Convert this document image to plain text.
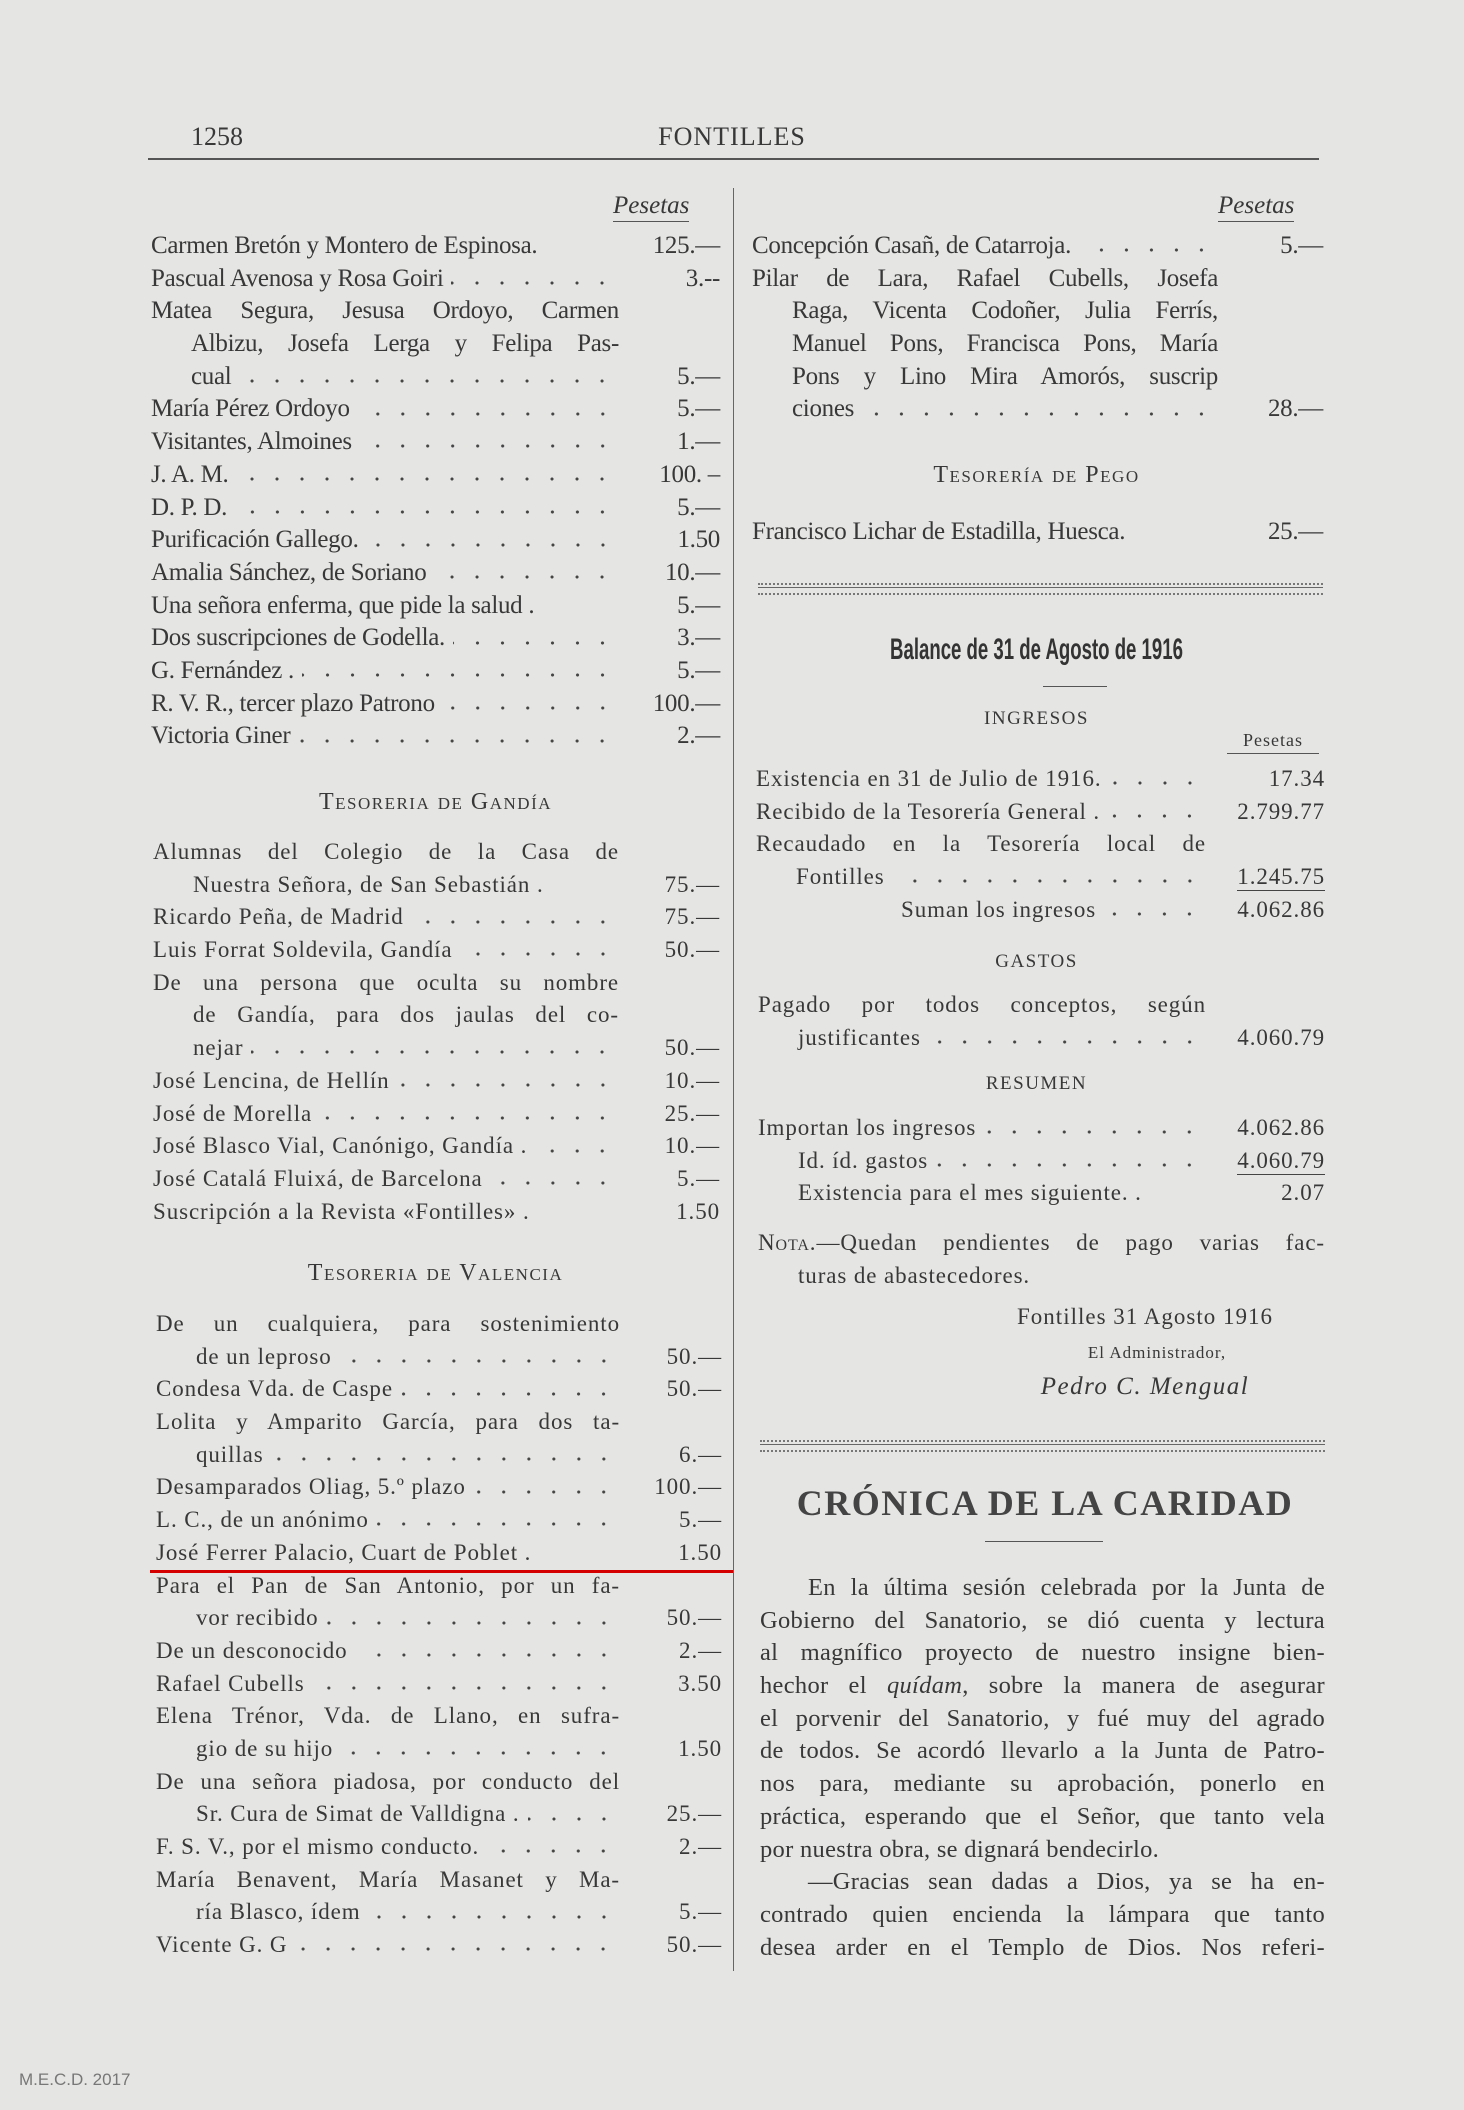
1258	FONTILLES
Pesetas
Carmen Bretón y Montero de Espinosa.	125.—
Pascual Avenosa y Rosa Goiri	3.--
Matea Segura, Jesusa Ordoyo, Carmen
Albizu, Josefa Lerga y Felipa Pas-
cual	5.—
María Pérez Ordoyo	5.—
Visitantes, Almoines	1.—
J. A. M.	100. –
D. P. D.	5.—
Purificación Gallego.	1.50
Amalia Sánchez, de Soriano	10.—
Una señora enferma, que pide la salud .	5.—
Dos suscripciones de Godella.	3.—
G. Fernández .	5.—
R. V. R., tercer plazo Patrono	100.—
Victoria Giner	2.—
Tesoreria de Gandía
Alumnas del Colegio de la Casa de
Nuestra Señora, de San Sebastián .	75.—
Ricardo Peña, de Madrid	75.—
Luis Forrat Soldevila, Gandía	50.—
De una persona que oculta su nombre
de Gandía, para dos jaulas del co-
nejar	50.—
José Lencina, de Hellín	10.—
José de Morella	25.—
José Blasco Vial, Canónigo, Gandía .	10.—
José Catalá Fluixá, de Barcelona	5.—
Suscripción a la Revista «Fontilles» .	1.50
Tesoreria de Valencia
De un cualquiera, para sostenimiento
de un leproso	50.—
Condesa Vda. de Caspe	50.—
Lolita y Amparito García, para dos ta-
quillas	6.—
Desamparados Oliag, 5.º plazo	100.—
L. C., de un anónimo	5.—
José Ferrer Palacio, Cuart de Poblet .	1.50
Para el Pan de San Antonio, por un fa-
vor recibido	50.—
De un desconocido	2.—
Rafael Cubells	3.50
Elena Trénor, Vda. de Llano, en sufra-
gio de su hijo	1.50
De una señora piadosa, por conducto del
Sr. Cura de Simat de Valldigna .	25.—
F. S. V., por el mismo conducto.	2.—
María Benavent, María Masanet y Ma-
ría Blasco, ídem	5.—
Vicente G. G	50.—
Pesetas
Concepción Casañ, de Catarroja.	5.—
Pilar de Lara, Rafael Cubells, Josefa
Raga, Vicenta Codoñer, Julia Ferrís,
Manuel Pons, Francisca Pons, María
Pons y Lino Mira Amorós, suscrip
ciones	28.—
Tesorería de Pego
Francisco Lichar de Estadilla, Huesca.	25.—
Balance de 31 de Agosto de 1916
INGRESOS
Pesetas
Existencia en 31 de Julio de 1916.	17.34
Recibido de la Tesorería General .	2.799.77
Recaudado en la Tesorería local de
Fontilles	1.245.75
Suman los ingresos	4.062.86
GASTOS
Pagado por todos conceptos, según
justificantes	4.060.79
RESUMEN
Importan los ingresos	4.062.86
Id. íd. gastos	4.060.79
Existencia para el mes siguiente. .	2.07
Nota.—Quedan pendientes de pago varias fac-
turas de abastecedores.
Fontilles 31 Agosto 1916
El Administrador,
Pedro C. Mengual
CRÓNICA DE LA CARIDAD
En la última sesión celebrada por la Junta de
Gobierno del Sanatorio, se dió cuenta y lectura
al magnífico proyecto de nuestro insigne bien-
hechor el quídam, sobre la manera de asegurar
el porvenir del Sanatorio, y fué muy del agrado
de todos. Se acordó llevarlo a la Junta de Patro-
nos para, mediante su aprobación, ponerlo en
práctica, esperando que el Señor, que tanto vela
por nuestra obra, se dignará bendecirlo.
—Gracias sean dadas a Dios, ya se ha en-
contrado quien encienda la lámpara que tanto
desea arder en el Templo de Dios. Nos referi-
M.E.C.D. 2017
